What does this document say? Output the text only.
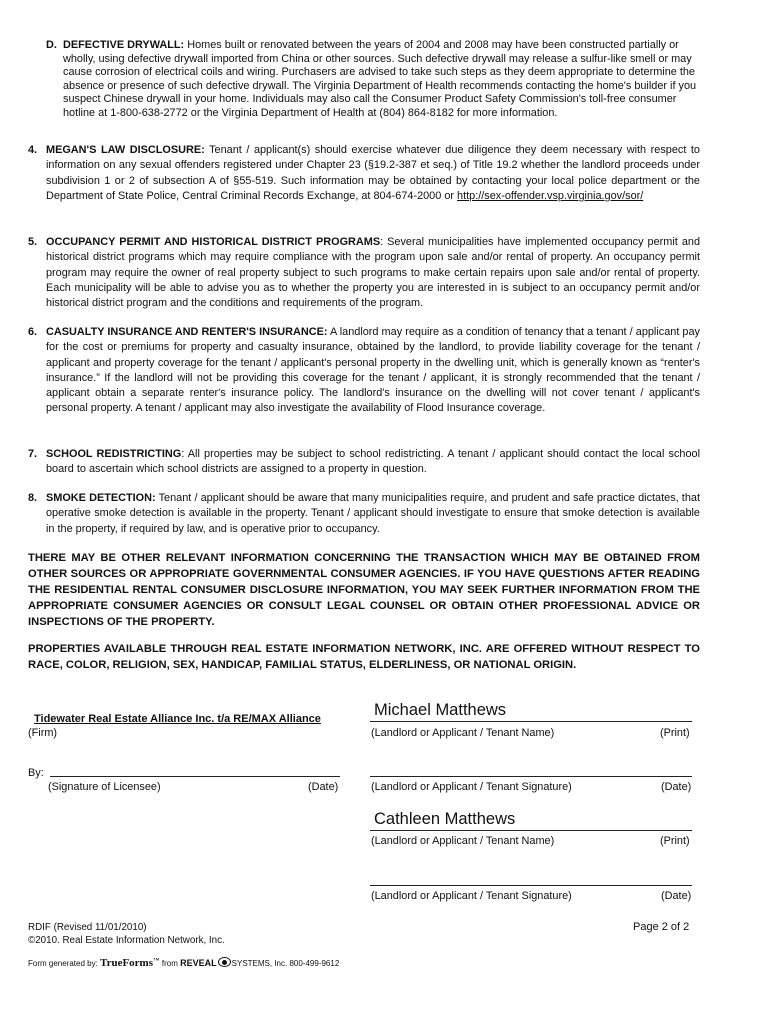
D. DEFECTIVE DRYWALL: Homes built or renovated between the years of 2004 and 2008 may have been constructed partially or wholly, using defective drywall imported from China or other sources. Such defective drywall may release a sulfur-like smell or may cause corrosion of electrical coils and wiring. Purchasers are advised to take such steps as they deem appropriate to determine the absence or presence of such defective drywall. The Virginia Department of Health recommends contacting the home's builder if you suspect Chinese drywall in your home. Individuals may also call the Consumer Product Safety Commission's toll-free consumer hotline at 1-800-638-2772 or the Virginia Department of Health at (804) 864-8182 for more information.

4. MEGAN'S LAW DISCLOSURE: Tenant / applicant(s) should exercise whatever due diligence they deem necessary with respect to information on any sexual offenders registered under Chapter 23 (§19.2-387 et seq.) of Title 19.2 whether the landlord proceeds under subdivision 1 or 2 of subsection A of §55-519. Such information may be obtained by contacting your local police department or the Department of State Police, Central Criminal Records Exchange, at 804-674-2000 or http://sex-offender.vsp.virginia.gov/sor/

5. OCCUPANCY PERMIT AND HISTORICAL DISTRICT PROGRAMS: Several municipalities have implemented occupancy permit and historical district programs which may require compliance with the program upon sale and/or rental of property. An occupancy permit program may require the owner of real property subject to such programs to make certain repairs upon sale and/or rental of property. Each municipality will be able to advise you as to whether the property you are interested in is subject to an occupancy permit and/or historical district program and the conditions and requirements of the program.

6. CASUALTY INSURANCE AND RENTER'S INSURANCE: A landlord may require as a condition of tenancy that a tenant / applicant pay for the cost or premiums for property and casualty insurance, obtained by the landlord, to provide liability coverage for the tenant / applicant and property coverage for the tenant / applicant's personal property in the dwelling unit, which is generally known as “renter's insurance.” If the landlord will not be providing this coverage for the tenant / applicant, it is strongly recommended that the tenant / applicant obtain a separate renter's insurance policy. The landlord's insurance on the dwelling will not cover tenant / applicant's personal property. A tenant / applicant may also investigate the availability of Flood Insurance coverage.

7. SCHOOL REDISTRICTING: All properties may be subject to school redistricting. A tenant / applicant should contact the local school board to ascertain which school districts are assigned to a property in question.

8. SMOKE DETECTION: Tenant / applicant should be aware that many municipalities require, and prudent and safe practice dictates, that operative smoke detection is available in the property. Tenant / applicant should investigate to ensure that smoke detection is available in the property, if required by law, and is operative prior to occupancy.

THERE MAY BE OTHER RELEVANT INFORMATION CONCERNING THE TRANSACTION WHICH MAY BE OBTAINED FROM OTHER SOURCES OR APPROPRIATE GOVERNMENTAL CONSUMER AGENCIES. IF YOU HAVE QUESTIONS AFTER READING THE RESIDENTIAL RENTAL CONSUMER DISCLOSURE INFORMATION, YOU MAY SEEK FURTHER INFORMATION FROM THE APPROPRIATE CONSUMER AGENCIES OR CONSULT LEGAL COUNSEL OR OBTAIN OTHER PROFESSIONAL ADVICE OR INSPECTIONS OF THE PROPERTY.

PROPERTIES AVAILABLE THROUGH REAL ESTATE INFORMATION NETWORK, INC. ARE OFFERED WITHOUT RESPECT TO RACE, COLOR, RELIGION, SEX, HANDICAP, FAMILIAL STATUS, ELDERLINESS, OR NATIONAL ORIGIN.

Tidewater Real Estate Alliance Inc. t/a RE/MAX Alliance
(Firm)
By:
(Signature of Licensee)	(Date)
Michael Matthews
(Landlord or Applicant / Tenant Name)	(Print)
(Landlord or Applicant / Tenant Signature)	(Date)
Cathleen Matthews
(Landlord or Applicant / Tenant Name)	(Print)
(Landlord or Applicant / Tenant Signature)	(Date)
RDIF (Revised 11/01/2010)
©2010. Real Estate Information Network, Inc.
Page 2 of 2
Form generated by: TrueForms™ from REVEAL SYSTEMS, Inc. 800-499-9612
